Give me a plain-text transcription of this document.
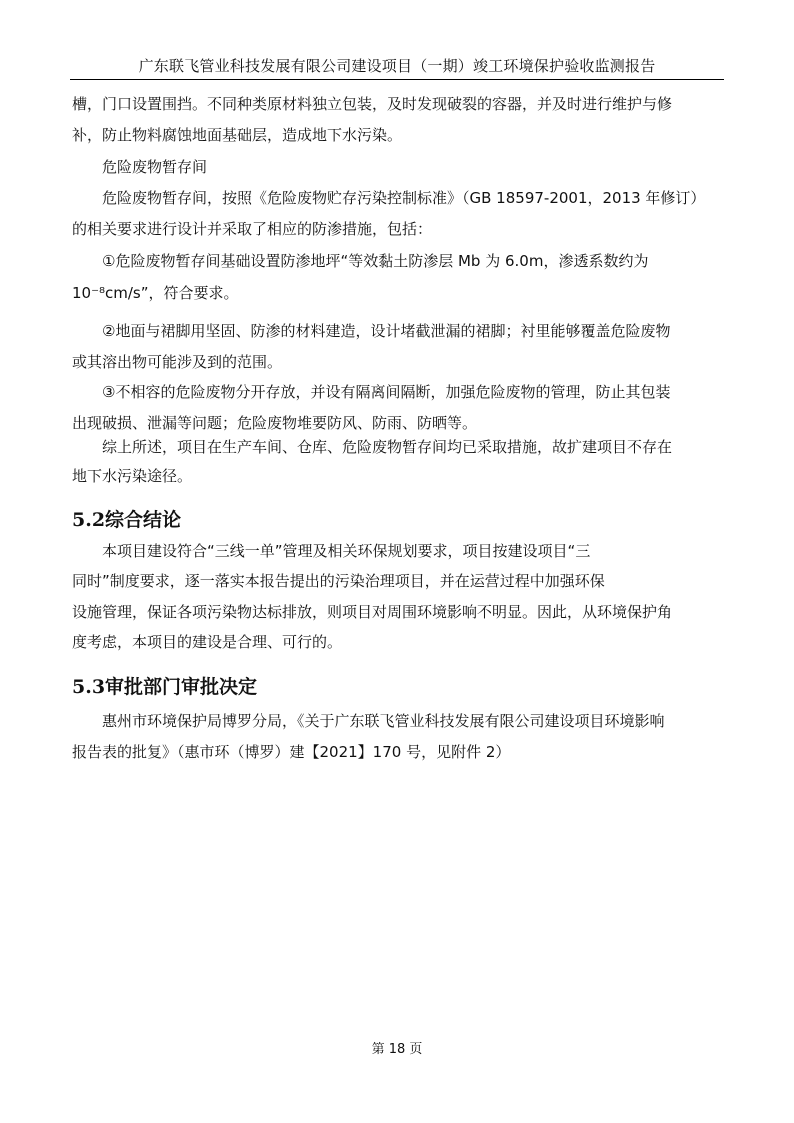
广东联飞管业科技发展有限公司建设项目（一期）竣工环境保护验收监测报告
槽，门口设置围挡。不同种类原材料独立包装，及时发现破裂的容器，并及时进行维护与修
补，防止物料腐蚀地面基础层，造成地下水污染。
危险废物暂存间
危险废物暂存间，按照《危险废物贮存污染控制标准》（GB 18597-2001，2013 年修订）
的相关要求进行设计并采取了相应的防渗措施，包括：
①危险废物暂存间基础设置防渗地坪“等效黏土防渗层 Mb 为 6.0m，渗透系数约为
10⁻⁸cm/s”，符合要求。
②地面与裙脚用坚固、防渗的材料建造，设计堵截泄漏的裙脚；衬里能够覆盖危险废物
或其溶出物可能涉及到的范围。
③不相容的危险废物分开存放，并设有隔离间隔断，加强危险废物的管理，防止其包装
出现破损、泄漏等问题；危险废物堆要防风、防雨、防晒等。
综上所述，项目在生产车间、仓库、危险废物暂存间均已采取措施，故扩建项目不存在
地下水污染途径。
5.2综合结论
本项目建设符合“三线一单”管理及相关环保规划要求，项目按建设项目“三
同时”制度要求，逐一落实本报告提出的污染治理项目，并在运营过程中加强环保
设施管理，保证各项污染物达标排放，则项目对周围环境影响不明显。因此，从环境保护角
度考虑，本项目的建设是合理、可行的。
5.3审批部门审批决定
惠州市环境保护局博罗分局，《关于广东联飞管业科技发展有限公司建设项目环境影响
报告表的批复》（惠市环（博罗）建【2021】170 号，见附件 2）
第 18 页
